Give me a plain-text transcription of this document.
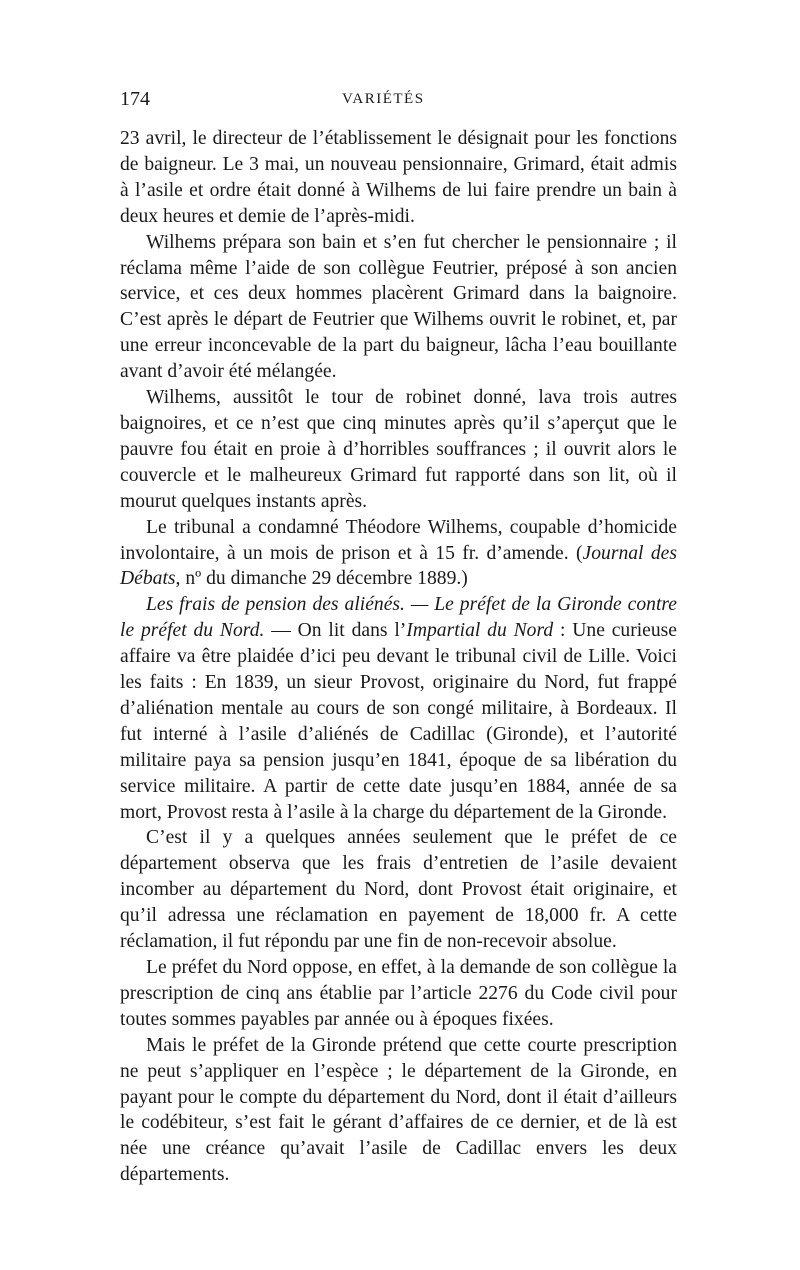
174	VARIÉTÉS

23 avril, le directeur de l’établissement le désignait pour les fonctions de baigneur. Le 3 mai, un nouveau pensionnaire, Grimard, était admis à l’asile et ordre était donné à Wilhems de lui faire prendre un bain à deux heures et demie de l’après-midi.

Wilhems prépara son bain et s’en fut chercher le pensionnaire ; il réclama même l’aide de son collègue Feutrier, préposé à son ancien service, et ces deux hommes placèrent Grimard dans la baignoire. C’est après le départ de Feutrier que Wilhems ouvrit le robinet, et, par une erreur inconcevable de la part du baigneur, lâcha l’eau bouillante avant d’avoir été mélangée.

Wilhems, aussitôt le tour de robinet donné, lava trois autres baignoires, et ce n’est que cinq minutes après qu’il s’aperçut que le pauvre fou était en proie à d’horribles souffrances ; il ouvrit alors le couvercle et le malheureux Grimard fut rapporté dans son lit, où il mourut quelques instants après.

Le tribunal a condamné Théodore Wilhems, coupable d’homicide involontaire, à un mois de prison et à 15 fr. d’amende. (Journal des Débats, nº du dimanche 29 décembre 1889.)

Les frais de pension des aliénés. — Le préfet de la Gironde contre le préfet du Nord. — On lit dans l’Impartial du Nord : Une curieuse affaire va être plaidée d’ici peu devant le tribunal civil de Lille. Voici les faits : En 1839, un sieur Provost, originaire du Nord, fut frappé d’aliénation mentale au cours de son congé militaire, à Bordeaux. Il fut interné à l’asile d’aliénés de Cadillac (Gironde), et l’autorité militaire paya sa pension jusqu’en 1841, époque de sa libération du service militaire. A partir de cette date jusqu’en 1884, année de sa mort, Provost resta à l’asile à la charge du département de la Gironde.

C’est il y a quelques années seulement que le préfet de ce département observa que les frais d’entretien de l’asile devaient incomber au département du Nord, dont Provost était originaire, et qu’il adressa une réclamation en payement de 18,000 fr. A cette réclamation, il fut répondu par une fin de non-recevoir absolue.

Le préfet du Nord oppose, en effet, à la demande de son collègue la prescription de cinq ans établie par l’article 2276 du Code civil pour toutes sommes payables par année ou à époques fixées.

Mais le préfet de la Gironde prétend que cette courte prescription ne peut s’appliquer en l’espèce ; le département de la Gironde, en payant pour le compte du département du Nord, dont il était d’ailleurs le codébiteur, s’est fait le gérant d’affaires de ce dernier, et de là est née une créance qu’avait l’asile de Cadillac envers les deux départements.
